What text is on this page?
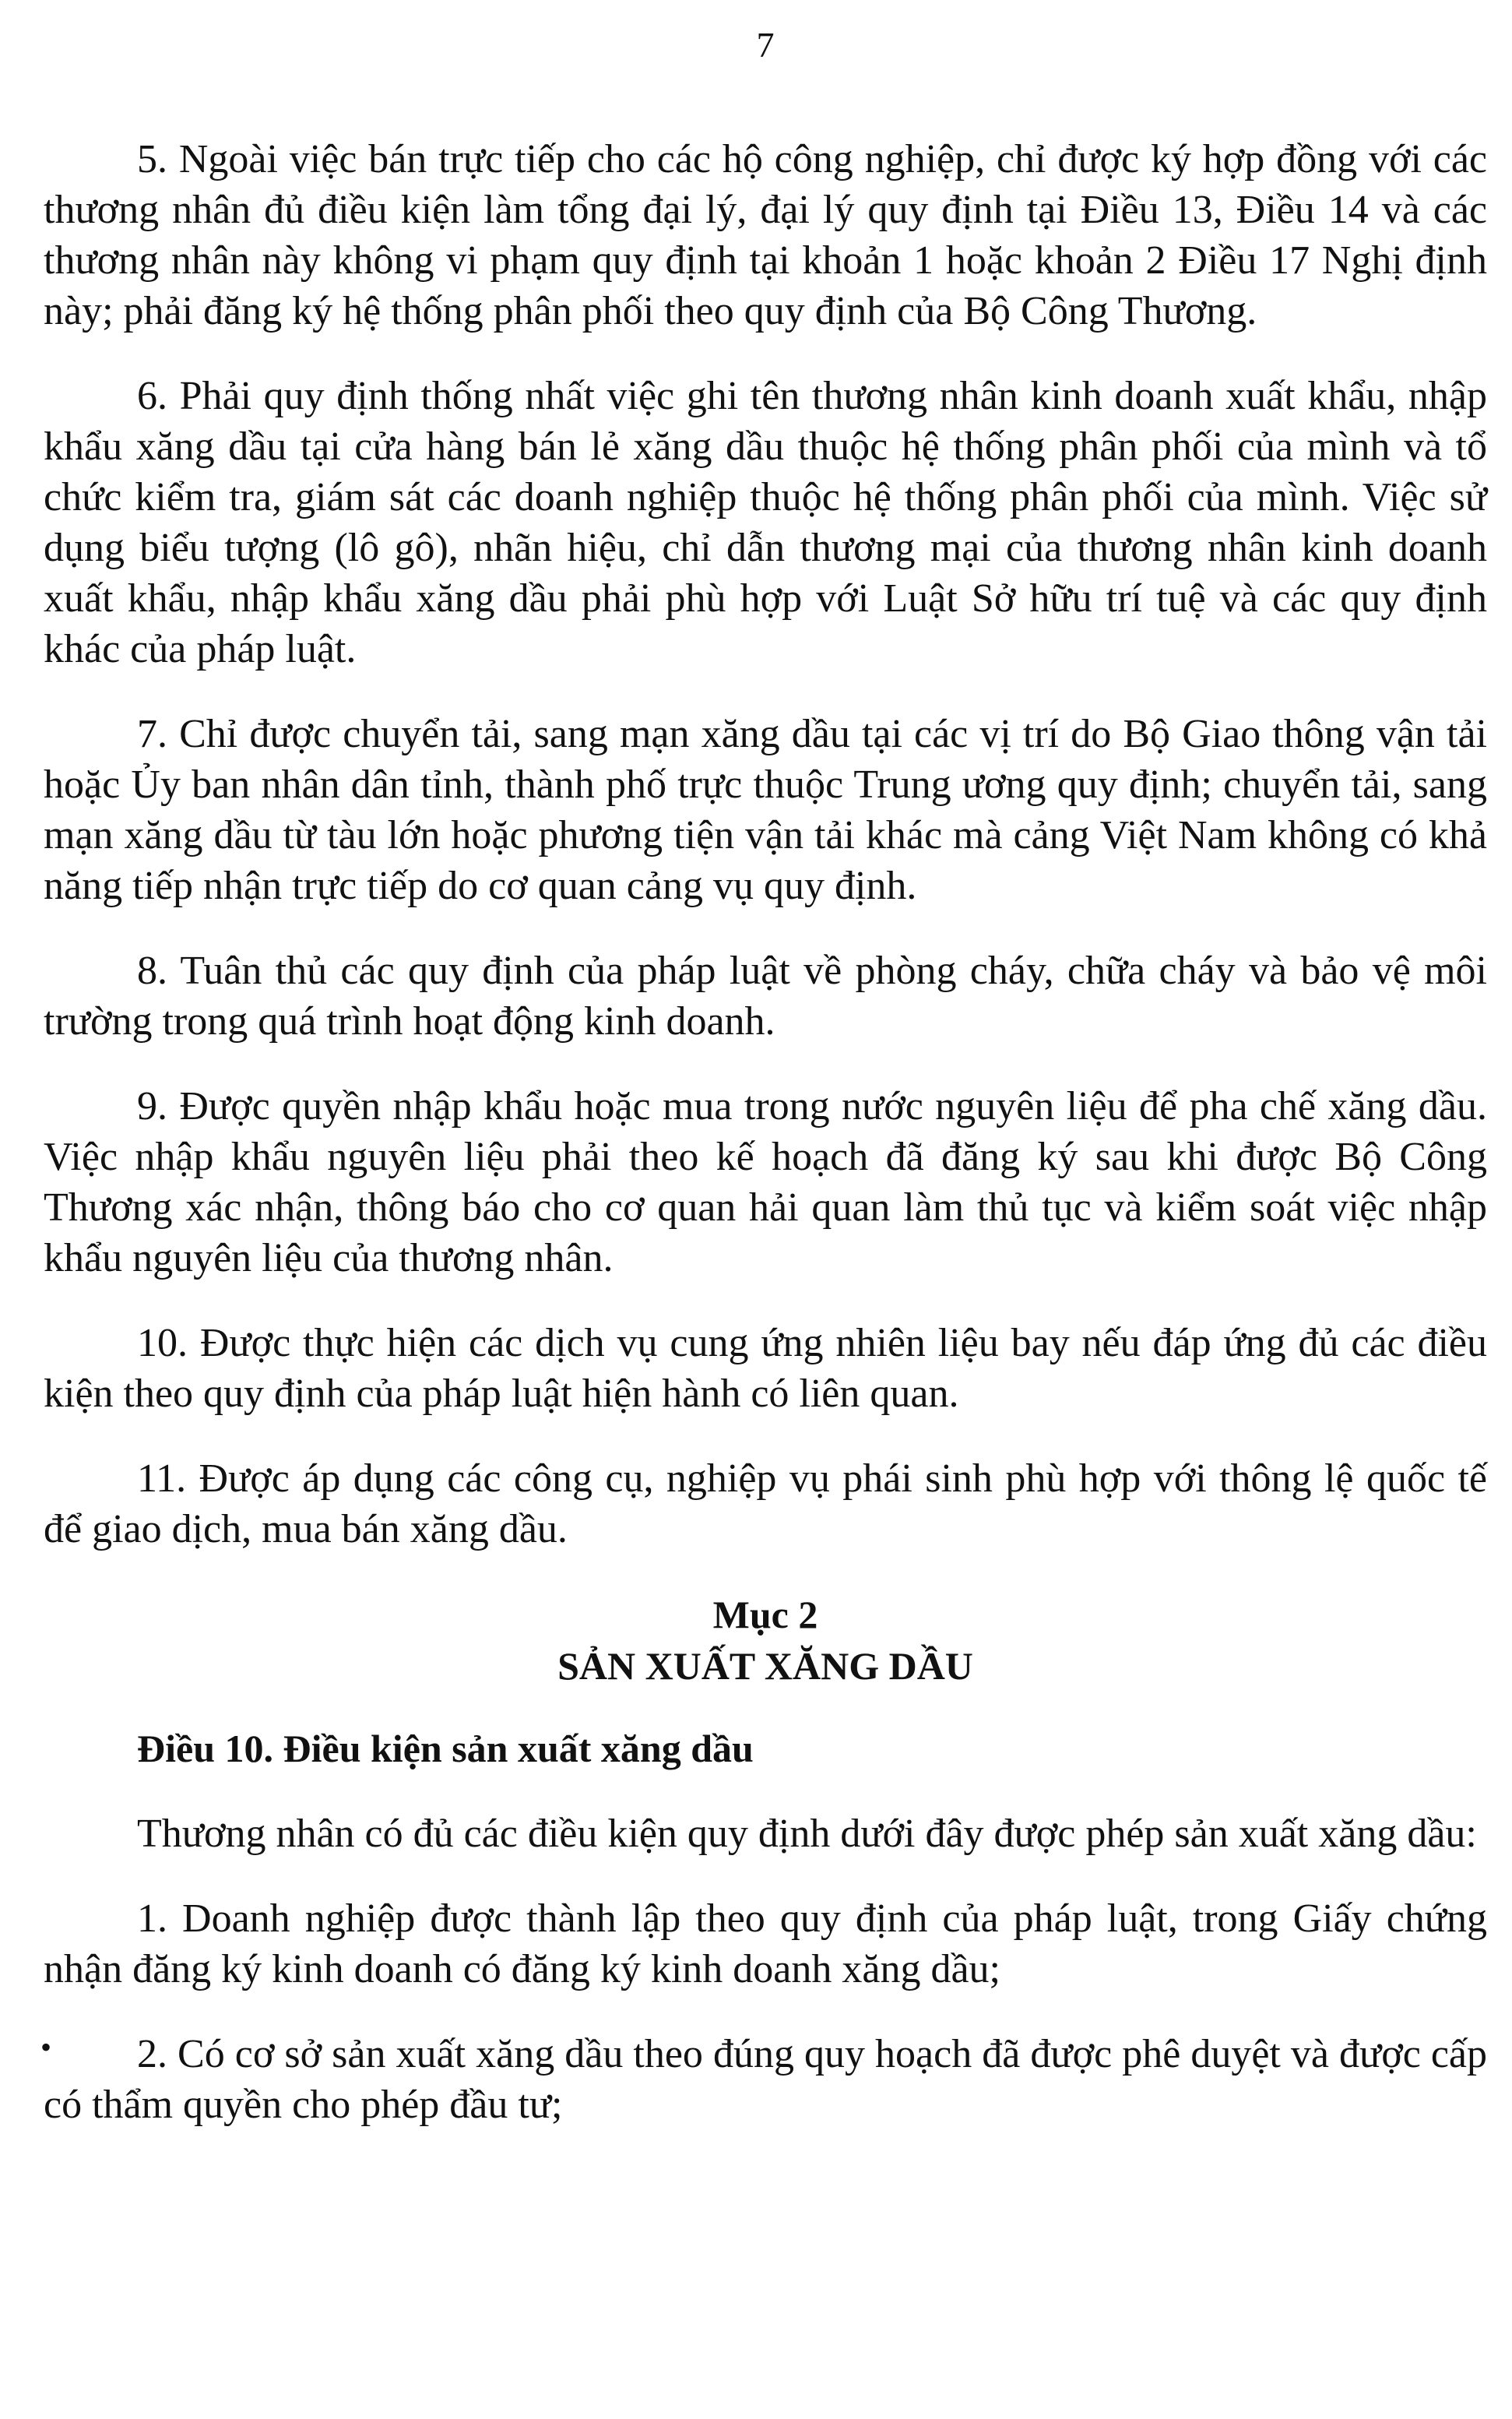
7

5. Ngoài việc bán trực tiếp cho các hộ công nghiệp, chỉ được ký hợp đồng với các thương nhân đủ điều kiện làm tổng đại lý, đại lý quy định tại Điều 13, Điều 14 và các thương nhân này không vi phạm quy định tại khoản 1 hoặc khoản 2 Điều 17 Nghị định này; phải đăng ký hệ thống phân phối theo quy định của Bộ Công Thương.

6. Phải quy định thống nhất việc ghi tên thương nhân kinh doanh xuất khẩu, nhập khẩu xăng dầu tại cửa hàng bán lẻ xăng dầu thuộc hệ thống phân phối của mình và tổ chức kiểm tra, giám sát các doanh nghiệp thuộc hệ thống phân phối của mình. Việc sử dụng biểu tượng (lô gô), nhãn hiệu, chỉ dẫn thương mại của thương nhân kinh doanh xuất khẩu, nhập khẩu xăng dầu phải phù hợp với Luật Sở hữu trí tuệ và các quy định khác của pháp luật.

7. Chỉ được chuyển tải, sang mạn xăng dầu tại các vị trí do Bộ Giao thông vận tải hoặc Ủy ban nhân dân tỉnh, thành phố trực thuộc Trung ương quy định; chuyển tải, sang mạn xăng dầu từ tàu lớn hoặc phương tiện vận tải khác mà cảng Việt Nam không có khả năng tiếp nhận trực tiếp do cơ quan cảng vụ quy định.

8. Tuân thủ các quy định của pháp luật về phòng cháy, chữa cháy và bảo vệ môi trường trong quá trình hoạt động kinh doanh.

9. Được quyền nhập khẩu hoặc mua trong nước nguyên liệu để pha chế xăng dầu. Việc nhập khẩu nguyên liệu phải theo kế hoạch đã đăng ký sau khi được Bộ Công Thương xác nhận, thông báo cho cơ quan hải quan làm thủ tục và kiểm soát việc nhập khẩu nguyên liệu của thương nhân.

10. Được thực hiện các dịch vụ cung ứng nhiên liệu bay nếu đáp ứng đủ các điều kiện theo quy định của pháp luật hiện hành có liên quan.

11. Được áp dụng các công cụ, nghiệp vụ phái sinh phù hợp với thông lệ quốc tế để giao dịch, mua bán xăng dầu.

Mục 2

SẢN XUẤT XĂNG DẦU

Điều 10. Điều kiện sản xuất xăng dầu

Thương nhân có đủ các điều kiện quy định dưới đây được phép sản xuất xăng dầu:

1. Doanh nghiệp được thành lập theo quy định của pháp luật, trong Giấy chứng nhận đăng ký kinh doanh có đăng ký kinh doanh xăng dầu;

•	2. Có cơ sở sản xuất xăng dầu theo đúng quy hoạch đã được phê duyệt và được cấp có thẩm quyền cho phép đầu tư;
